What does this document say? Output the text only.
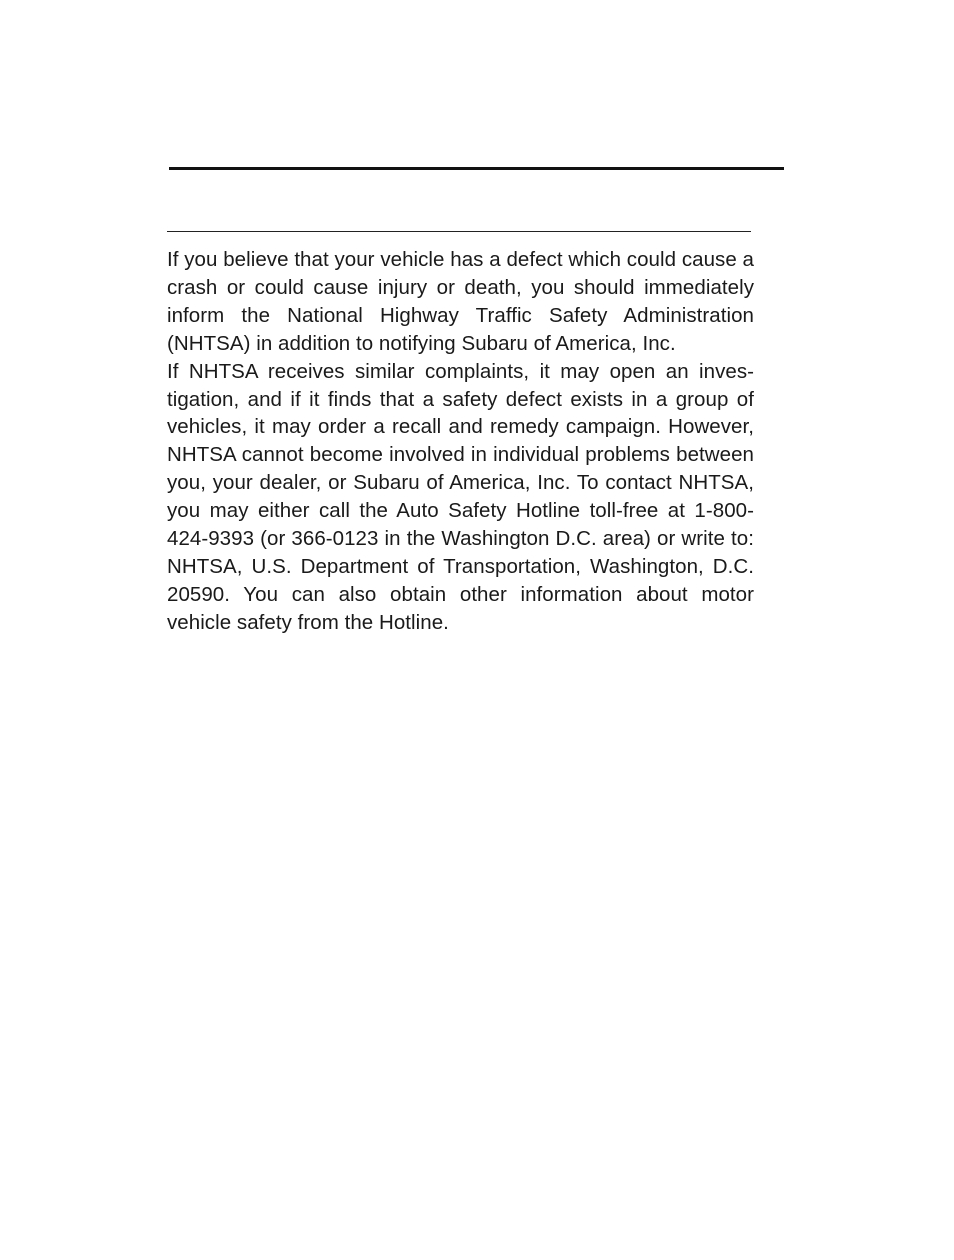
If you believe that your vehicle has a defect which could cause a crash or could cause injury or death, you should immediately inform the National Highway Traffic Safety Administration (NHTSA) in addition to notifying Subaru of America, Inc.

If NHTSA receives similar complaints, it may open an investigation, and if it finds that a safety defect exists in a group of vehicles, it may order a recall and remedy campaign. However, NHTSA cannot become involved in individual problems between you, your dealer, or Subaru of America, Inc. To contact NHTSA, you may either call the Auto Safety Hotline toll-free at 1-800-424-9393 (or 366-0123 in the Washington D.C. area) or write to: NHTSA, U.S. Department of Transportation, Washington, D.C. 20590. You can also obtain other information about motor vehicle safety from the Hotline.
